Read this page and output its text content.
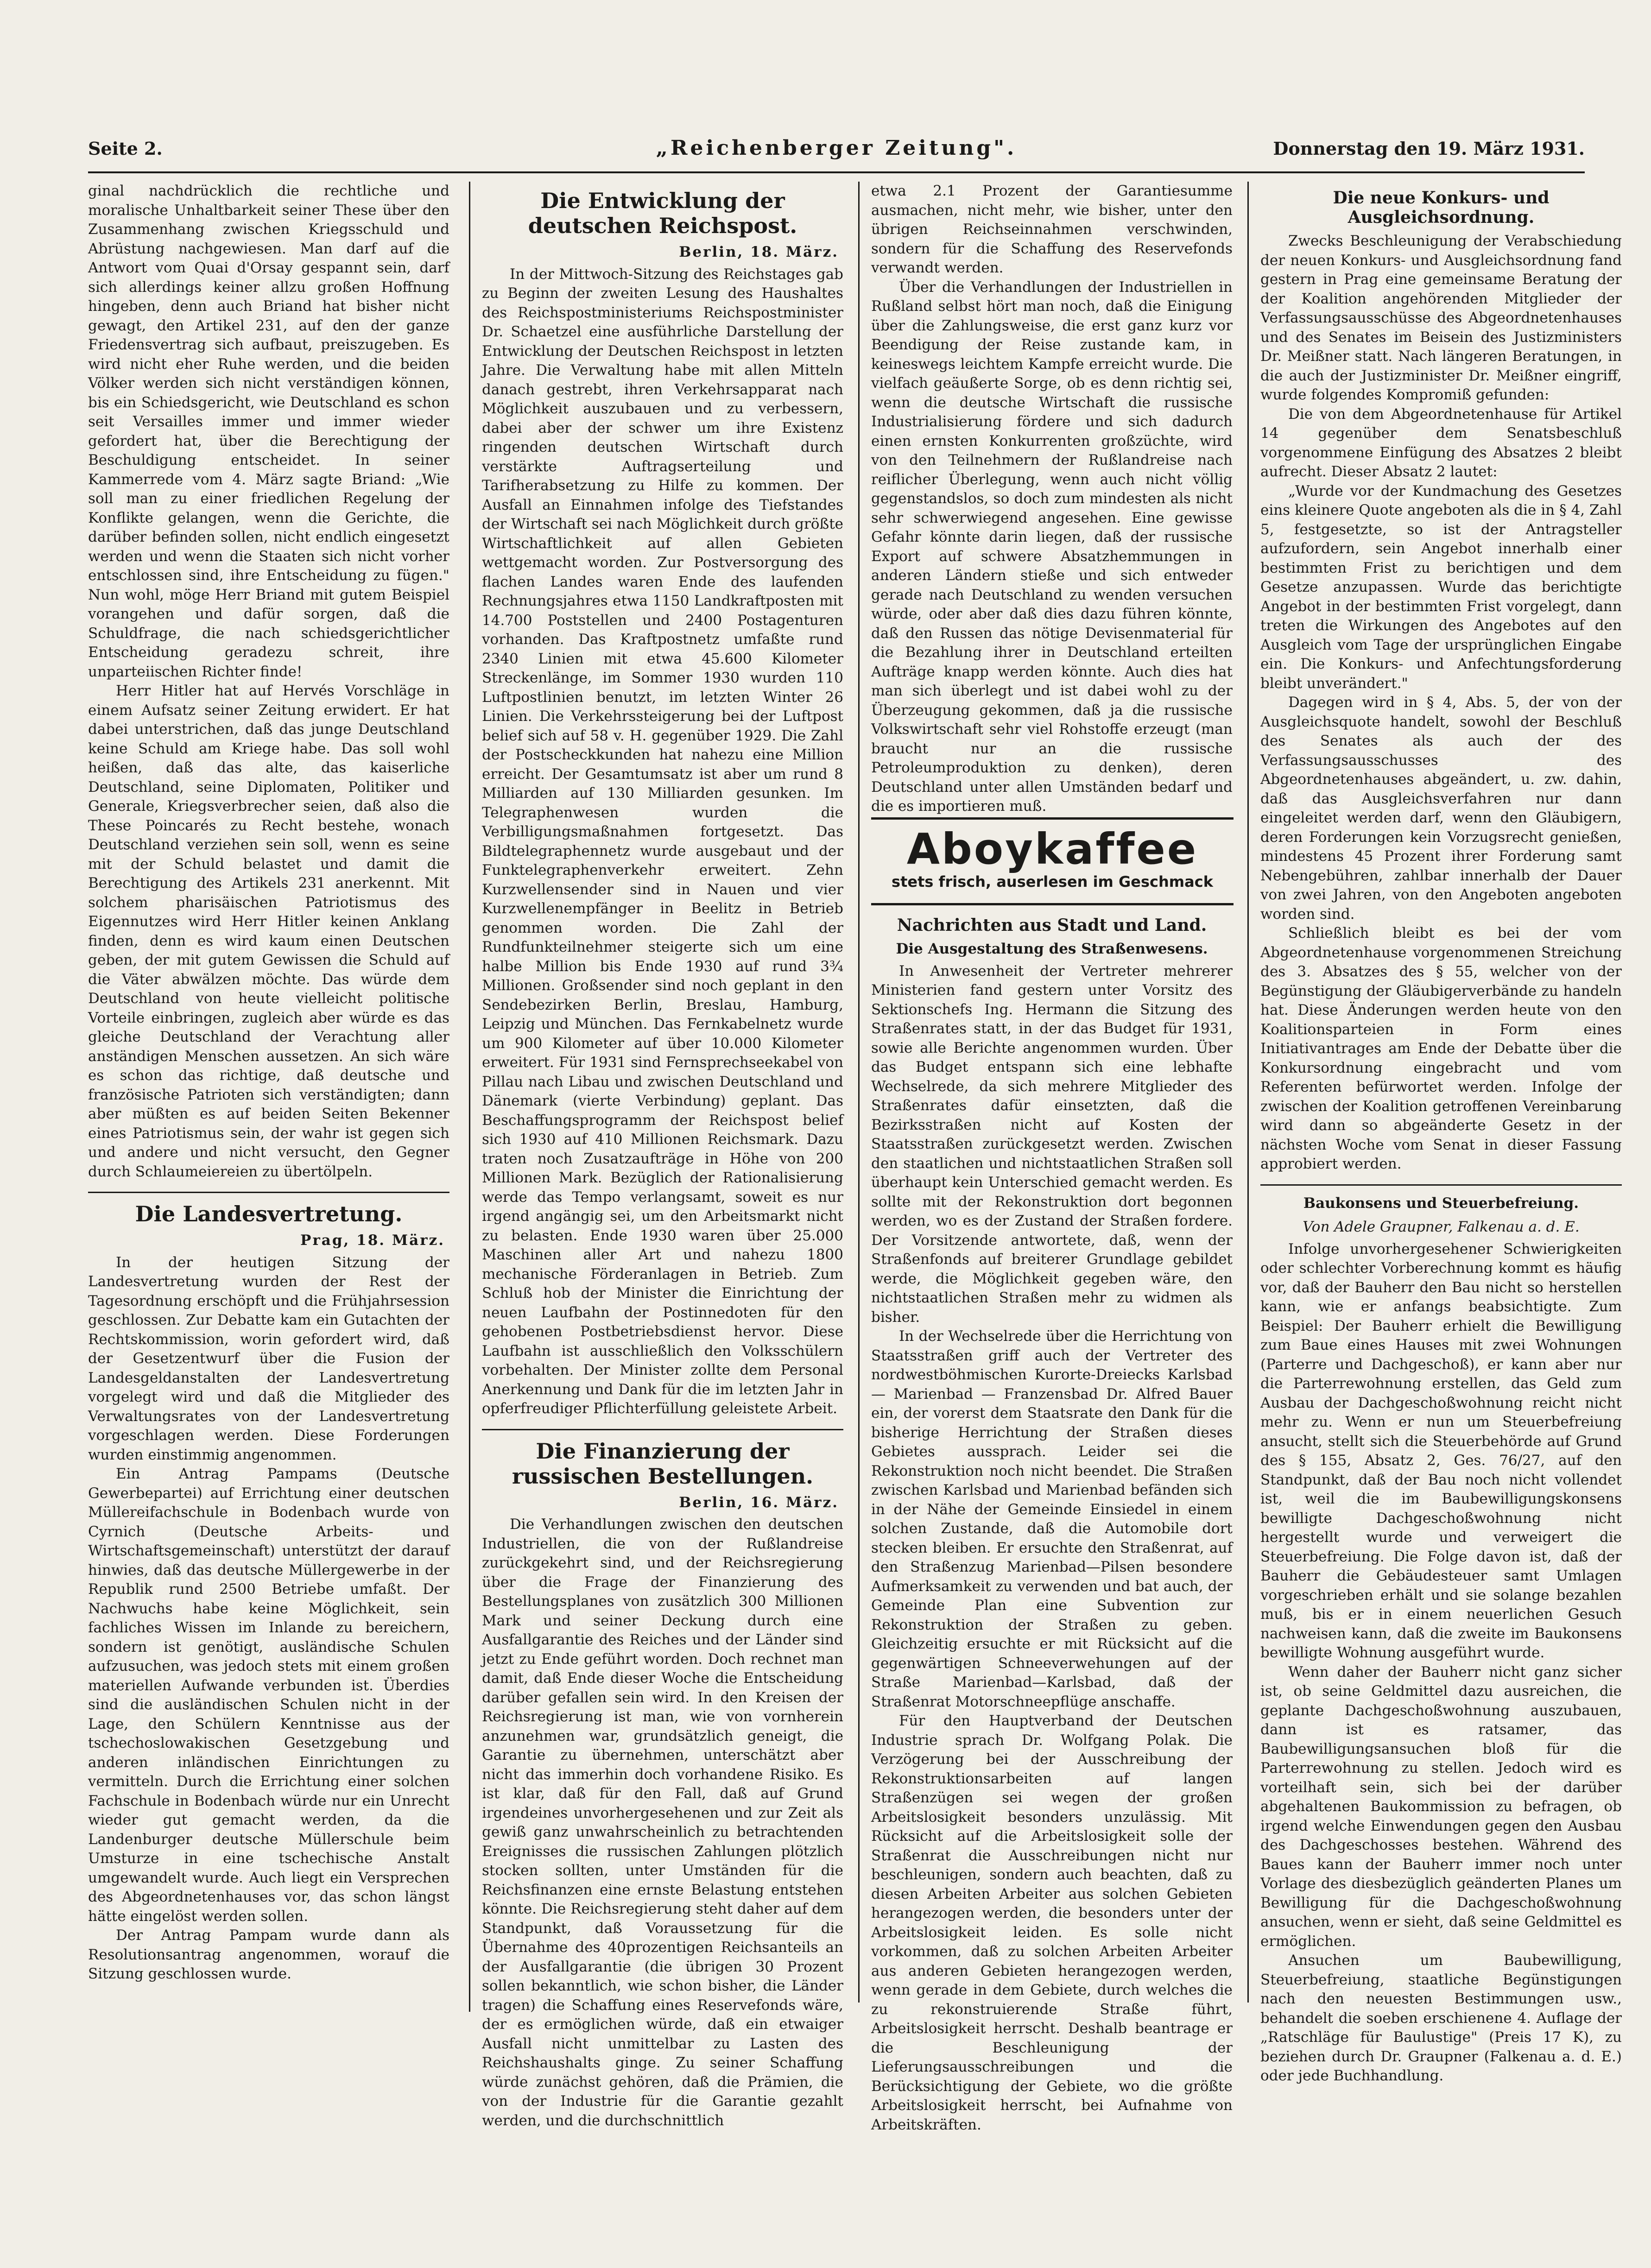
Seite 2.	„Reichenberger Zeitung".	Donnerstag den 19. März 1931.

ginal nachdrücklich die rechtliche und moralische Unhaltbarkeit seiner These über den Zusammenhang zwischen Kriegsschuld und Abrüstung nachgewiesen. Man darf auf die Antwort vom Quai d'Orsay gespannt sein, darf sich allerdings keiner allzu großen Hoffnung hingeben, denn auch Briand hat bisher nicht gewagt, den Artikel 231, auf den der ganze Friedensvertrag sich aufbaut, preiszugeben. Es wird nicht eher Ruhe werden, und die beiden Völker werden sich nicht verständigen können, bis ein Schiedsgericht, wie Deutschland es schon seit Versailles immer und immer wieder gefordert hat, über die Berechtigung der Beschuldigung entscheidet. In seiner Kammerrede vom 4. März sagte Briand: „Wie soll man zu einer friedlichen Regelung der Konflikte gelangen, wenn die Gerichte, die darüber befinden sollen, nicht endlich eingesetzt werden und wenn die Staaten sich nicht vorher entschlossen sind, ihre Entscheidung zu fügen." Nun wohl, möge Herr Briand mit gutem Beispiel vorangehen und dafür sorgen, daß die Schuldfrage, die nach schiedsgerichtlicher Entscheidung geradezu schreit, ihre unparteiischen Richter finde!

Herr Hitler hat auf Hervés Vorschläge in einem Aufsatz seiner Zeitung erwidert. Er hat dabei unterstrichen, daß das junge Deutschland keine Schuld am Kriege habe. Das soll wohl heißen, daß das alte, das kaiserliche Deutschland, seine Diplomaten, Politiker und Generale, Kriegsverbrecher seien, daß also die These Poincarés zu Recht bestehe, wonach Deutschland verziehen sein soll, wenn es seine mit der Schuld belastet und damit die Berechtigung des Artikels 231 anerkennt. Mit solchem pharisäischen Patriotismus des Eigennutzes wird Herr Hitler keinen Anklang finden, denn es wird kaum einen Deutschen geben, der mit gutem Gewissen die Schuld auf die Väter abwälzen möchte. Das würde dem Deutschland von heute vielleicht politische Vorteile einbringen, zugleich aber würde es das gleiche Deutschland der Verachtung aller anständigen Menschen aussetzen. An sich wäre es schon das richtige, daß deutsche und französische Patrioten sich verständigten; dann aber müßten es auf beiden Seiten Bekenner eines Patriotismus sein, der wahr ist gegen sich und andere und nicht versucht, den Gegner durch Schlaumeiereien zu übertölpeln.

Die Landesvertretung.
Prag, 18. März.

In der heutigen Sitzung der Landesvertretung wurden der Rest der Tagesordnung erschöpft und die Frühjahrsession geschlossen. Zur Debatte kam ein Gutachten der Rechtskommission, worin gefordert wird, daß der Gesetzentwurf über die Fusion der Landesgeldanstalten der Landesvertretung vorgelegt wird und daß die Mitglieder des Verwaltungsrates von der Landesvertretung vorgeschlagen werden. Diese Forderungen wurden einstimmig angenommen.

Ein Antrag Pampams (Deutsche Gewerbepartei) auf Errichtung einer deutschen Müllereifachschule in Bodenbach wurde von Cyrnich (Deutsche Arbeits- und Wirtschaftsgemeinschaft) unterstützt der darauf hinwies, daß das deutsche Müllergewerbe in der Republik rund 2500 Betriebe umfaßt. Der Nachwuchs habe keine Möglichkeit, sein fachliches Wissen im Inlande zu bereichern, sondern ist genötigt, ausländische Schulen aufzusuchen, was jedoch stets mit einem großen materiellen Aufwande verbunden ist. Überdies sind die ausländischen Schulen nicht in der Lage, den Schülern Kenntnisse aus der tschechoslowakischen Gesetzgebung und anderen inländischen Einrichtungen zu vermitteln. Durch die Errichtung einer solchen Fachschule in Bodenbach würde nur ein Unrecht wieder gut gemacht werden, da die Landenburger deutsche Müllerschule beim Umsturze in eine tschechische Anstalt umgewandelt wurde. Auch liegt ein Versprechen des Abgeordnetenhauses vor, das schon längst hätte eingelöst werden sollen.

Der Antrag Pampam wurde dann als Resolutionsantrag angenommen, worauf die Sitzung geschlossen wurde.

Die Entwicklung der deutschen Reichspost.
Berlin, 18. März.

In der Mittwoch-Sitzung des Reichstages gab zu Beginn der zweiten Lesung des Haushaltes des Reichspostministeriums Reichspostminister Dr. Schaetzel eine ausführliche Darstellung der Entwicklung der Deutschen Reichspost in letzten Jahre. Die Verwaltung habe mit allen Mitteln danach gestrebt, ihren Verkehrsapparat nach Möglichkeit auszubauen und zu verbessern, dabei aber der schwer um ihre Existenz ringenden deutschen Wirtschaft durch verstärkte Auftragserteilung und Tarifherabsetzung zu Hilfe zu kommen. Der Ausfall an Einnahmen infolge des Tiefstandes der Wirtschaft sei nach Möglichkeit durch größte Wirtschaftlichkeit auf allen Gebieten wettgemacht worden. Zur Postversorgung des flachen Landes waren Ende des laufenden Rechnungsjahres etwa 1150 Landkraftposten mit 14.700 Poststellen und 2400 Postagenturen vorhanden. Das Kraftpostnetz umfaßte rund 2340 Linien mit etwa 45.600 Kilometer Streckenlänge, im Sommer 1930 wurden 110 Luftpostlinien benutzt, im letzten Winter 26 Linien. Die Verkehrssteigerung bei der Luftpost belief sich auf 58 v. H. gegenüber 1929. Die Zahl der Postscheckkunden hat nahezu eine Million erreicht. Der Gesamtumsatz ist aber um rund 8 Milliarden auf 130 Milliarden gesunken. Im Telegraphenwesen wurden die Verbilligungsmaßnahmen fortgesetzt. Das Bildtelegraphennetz wurde ausgebaut und der Funktelegraphenverkehr erweitert. Zehn Kurzwellensender sind in Nauen und vier Kurzwellenempfänger in Beelitz in Betrieb genommen worden. Die Zahl der Rundfunkteilnehmer steigerte sich um eine halbe Million bis Ende 1930 auf rund 3¾ Millionen. Großsender sind noch geplant in den Sendebezirken Berlin, Breslau, Hamburg, Leipzig und München. Das Fernkabelnetz wurde um 900 Kilometer auf über 10.000 Kilometer erweitert. Für 1931 sind Fernsprechseekabel von Pillau nach Libau und zwischen Deutschland und Dänemark (vierte Verbindung) geplant. Das Beschaffungsprogramm der Reichspost belief sich 1930 auf 410 Millionen Reichsmark. Dazu traten noch Zusatzaufträge in Höhe von 200 Millionen Mark. Bezüglich der Rationalisierung werde das Tempo verlangsamt, soweit es nur irgend angängig sei, um den Arbeitsmarkt nicht zu belasten. Ende 1930 waren über 25.000 Maschinen aller Art und nahezu 1800 mechanische Förderanlagen in Betrieb. Zum Schluß hob der Minister die Einrichtung der neuen Laufbahn der Postinnedoten für den gehobenen Postbetriebsdienst hervor. Diese Laufbahn ist ausschließlich den Volksschülern vorbehalten. Der Minister zollte dem Personal Anerkennung und Dank für die im letzten Jahr in opferfreudiger Pflichterfüllung geleistete Arbeit.

Die Finanzierung der russischen Bestellungen.
Berlin, 16. März.

Die Verhandlungen zwischen den deutschen Industriellen, die von der Rußlandreise zurückgekehrt sind, und der Reichsregierung über die Frage der Finanzierung des Bestellungsplanes von zusätzlich 300 Millionen Mark und seiner Deckung durch eine Ausfallgarantie des Reiches und der Länder sind jetzt zu Ende geführt worden. Doch rechnet man damit, daß Ende dieser Woche die Entscheidung darüber gefallen sein wird. In den Kreisen der Reichsregierung ist man, wie von vornherein anzunehmen war, grundsätzlich geneigt, die Garantie zu übernehmen, unterschätzt aber nicht das immerhin doch vorhandene Risiko. Es ist klar, daß für den Fall, daß auf Grund irgendeines unvorhergesehenen und zur Zeit als gewiß ganz unwahrscheinlich zu betrachtenden Ereignisses die russischen Zahlungen plötzlich stocken sollten, unter Umständen für die Reichsfinanzen eine ernste Belastung entstehen könnte. Die Reichsregierung steht daher auf dem Standpunkt, daß Voraussetzung für die Übernahme des 40prozentigen Reichsanteils an der Ausfallgarantie (die übrigen 30 Prozent sollen bekanntlich, wie schon bisher, die Länder tragen) die Schaffung eines Reservefonds wäre, der es ermöglichen würde, daß ein etwaiger Ausfall nicht unmittelbar zu Lasten des Reichshaushalts ginge. Zu seiner Schaffung würde zunächst gehören, daß die Prämien, die von der Industrie für die Garantie gezahlt werden, und die durchschnittlich

etwa 2.1 Prozent der Garantiesumme ausmachen, nicht mehr, wie bisher, unter den übrigen Reichseinnahmen verschwinden, sondern für die Schaffung des Reservefonds verwandt werden.

Über die Verhandlungen der Industriellen in Rußland selbst hört man noch, daß die Einigung über die Zahlungsweise, die erst ganz kurz vor Beendigung der Reise zustande kam, in keineswegs leichtem Kampfe erreicht wurde. Die vielfach geäußerte Sorge, ob es denn richtig sei, wenn die deutsche Wirtschaft die russische Industrialisierung fördere und sich dadurch einen ernsten Konkurrenten großzüchte, wird von den Teilnehmern der Rußlandreise nach reiflicher Überlegung, wenn auch nicht völlig gegenstandslos, so doch zum mindesten als nicht sehr schwerwiegend angesehen. Eine gewisse Gefahr könnte darin liegen, daß der russische Export auf schwere Absatzhemmungen in anderen Ländern stieße und sich entweder gerade nach Deutschland zu wenden versuchen würde, oder aber daß dies dazu führen könnte, daß den Russen das nötige Devisenmaterial für die Bezahlung ihrer in Deutschland erteilten Aufträge knapp werden könnte. Auch dies hat man sich überlegt und ist dabei wohl zu der Überzeugung gekommen, daß ja die russische Volkswirtschaft sehr viel Rohstoffe erzeugt (man braucht nur an die russische Petroleumproduktion zu denken), deren Deutschland unter allen Umständen bedarf und die es importieren muß.

Nachrichten aus Stadt und Land.
Die Ausgestaltung des Straßenwesens.

In Anwesenheit der Vertreter mehrerer Ministerien fand gestern unter Vorsitz des Sektionschefs Ing. Hermann die Sitzung des Straßenrates statt, in der das Budget für 1931, sowie alle Berichte angenommen wurden. Über das Budget entspann sich eine lebhafte Wechselrede, da sich mehrere Mitglieder des Straßenrates dafür einsetzten, daß die Bezirksstraßen nicht auf Kosten der Staatsstraßen zurückgesetzt werden. Zwischen den staatlichen und nichtstaatlichen Straßen soll überhaupt kein Unterschied gemacht werden. Es sollte mit der Rekonstruktion dort begonnen werden, wo es der Zustand der Straßen fordere. Der Vorsitzende antwortete, daß, wenn der Straßenfonds auf breiterer Grundlage gebildet werde, die Möglichkeit gegeben wäre, den nichtstaatlichen Straßen mehr zu widmen als bisher.

In der Wechselrede über die Herrichtung von Staatsstraßen griff auch der Vertreter des nordwestböhmischen Kurorte-Dreiecks Karlsbad — Marienbad — Franzensbad Dr. Alfred Bauer ein, der vorerst dem Staatsrate den Dank für die bisherige Herrichtung der Straßen dieses Gebietes aussprach. Leider sei die Rekonstruktion noch nicht beendet. Die Straßen zwischen Karlsbad und Marienbad befänden sich in der Nähe der Gemeinde Einsiedel in einem solchen Zustande, daß die Automobile dort stecken bleiben. Er ersuchte den Straßenrat, auf den Straßenzug Marienbad—Pilsen besondere Aufmerksamkeit zu verwenden und bat auch, der Gemeinde Plan eine Subvention zur Rekonstruktion der Straßen zu geben. Gleichzeitig ersuchte er mit Rücksicht auf die gegenwärtigen Schneeverwehungen auf der Straße Marienbad—Karlsbad, daß der Straßenrat Motorschneepflüge anschaffe.

Für den Hauptverband der Deutschen Industrie sprach Dr. Wolfgang Polak. Die Verzögerung bei der Ausschreibung der Rekonstruktionsarbeiten auf langen Straßenzügen sei wegen der großen Arbeitslosigkeit besonders unzulässig. Mit Rücksicht auf die Arbeitslosigkeit solle der Straßenrat die Ausschreibungen nicht nur beschleunigen, sondern auch beachten, daß zu diesen Arbeiten Arbeiter aus solchen Gebieten herangezogen werden, die besonders unter der Arbeitslosigkeit leiden. Es solle nicht vorkommen, daß zu solchen Arbeiten Arbeiter aus anderen Gebieten herangezogen werden, wenn gerade in dem Gebiete, durch welches die zu rekonstruierende Straße führt, Arbeitslosigkeit herrscht. Deshalb beantrage er die Beschleunigung der Lieferungsausschreibungen und die Berücksichtigung der Gebiete, wo die größte Arbeitslosigkeit herrscht, bei Aufnahme von Arbeitskräften.

Aboykaffee
stets frisch, auserlesen im Geschmack
Die neue Konkurs- und Ausgleichsordnung.

Zwecks Beschleunigung der Verabschiedung der neuen Konkurs- und Ausgleichsordnung fand gestern in Prag eine gemeinsame Beratung der der Koalition angehörenden Mitglieder der Verfassungsausschüsse des Abgeordnetenhauses und des Senates im Beisein des Justizministers Dr. Meißner statt. Nach längeren Beratungen, in die auch der Justizminister Dr. Meißner eingriff, wurde folgendes Kompromiß gefunden:

Die von dem Abgeordnetenhause für Artikel 14 gegenüber dem Senatsbeschluß vorgenommene Einfügung des Absatzes 2 bleibt aufrecht. Dieser Absatz 2 lautet:

„Wurde vor der Kundmachung des Gesetzes eins kleinere Quote angeboten als die in § 4, Zahl 5, festgesetzte, so ist der Antragsteller aufzufordern, sein Angebot innerhalb einer bestimmten Frist zu berichtigen und dem Gesetze anzupassen. Wurde das berichtigte Angebot in der bestimmten Frist vorgelegt, dann treten die Wirkungen des Angebotes auf den Ausgleich vom Tage der ursprünglichen Eingabe ein. Die Konkurs- und Anfechtungsforderung bleibt unverändert."

Dagegen wird in § 4, Abs. 5, der von der Ausgleichsquote handelt, sowohl der Beschluß des Senates als auch der des Verfassungsausschusses des Abgeordnetenhauses abgeändert, u. zw. dahin, daß das Ausgleichsverfahren nur dann eingeleitet werden darf, wenn den Gläubigern, deren Forderungen kein Vorzugsrecht genießen, mindestens 45 Prozent ihrer Forderung samt Nebengebühren, zahlbar innerhalb der Dauer von zwei Jahren, von den Angeboten angeboten worden sind.

Schließlich bleibt es bei der vom Abgeordnetenhause vorgenommenen Streichung des 3. Absatzes des § 55, welcher von der Begünstigung der Gläubigerverbände zu handeln hat. Diese Änderungen werden heute von den Koalitionsparteien in Form eines Initiativantrages am Ende der Debatte über die Konkursordnung eingebracht und vom Referenten befürwortet werden. Infolge der zwischen der Koalition getroffenen Vereinbarung wird dann so abgeänderte Gesetz in der nächsten Woche vom Senat in dieser Fassung approbiert werden.

Baukonsens und Steuerbefreiung.
Von Adele Graupner, Falkenau a. d. E.

Infolge unvorhergesehener Schwierigkeiten oder schlechter Vorberechnung kommt es häufig vor, daß der Bauherr den Bau nicht so herstellen kann, wie er anfangs beabsichtigte. Zum Beispiel: Der Bauherr erhielt die Bewilligung zum Baue eines Hauses mit zwei Wohnungen (Parterre und Dachgeschoß), er kann aber nur die Parterrewohnung erstellen, das Geld zum Ausbau der Dachgeschoßwohnung reicht nicht mehr zu. Wenn er nun um Steuerbefreiung ansucht, stellt sich die Steuerbehörde auf Grund des § 155, Absatz 2, Ges. 76/27, auf den Standpunkt, daß der Bau noch nicht vollendet ist, weil die im Baubewilligungskonsens bewilligte Dachgeschoßwohnung nicht hergestellt wurde und verweigert die Steuerbefreiung. Die Folge davon ist, daß der Bauherr die Gebäudesteuer samt Umlagen vorgeschrieben erhält und sie solange bezahlen muß, bis er in einem neuerlichen Gesuch nachweisen kann, daß die zweite im Baukonsens bewilligte Wohnung ausgeführt wurde.

Wenn daher der Bauherr nicht ganz sicher ist, ob seine Geldmittel dazu ausreichen, die geplante Dachgeschoßwohnung auszubauen, dann ist es ratsamer, das Baubewilligungsansuchen bloß für die Parterrewohnung zu stellen. Jedoch wird es vorteilhaft sein, sich bei der darüber abgehaltenen Baukommission zu befragen, ob irgend welche Einwendungen gegen den Ausbau des Dachgeschosses bestehen. Während des Baues kann der Bauherr immer noch unter Vorlage des diesbezüglich geänderten Planes um Bewilligung für die Dachgeschoßwohnung ansuchen, wenn er sieht, daß seine Geldmittel es ermöglichen.

Ansuchen um Baubewilligung, Steuerbefreiung, staatliche Begünstigungen nach den neuesten Bestimmungen usw., behandelt die soeben erschienene 4. Auflage der „Ratschläge für Baulustige" (Preis 17 K), zu beziehen durch Dr. Graupner (Falkenau a. d. E.) oder jede Buchhandlung.
